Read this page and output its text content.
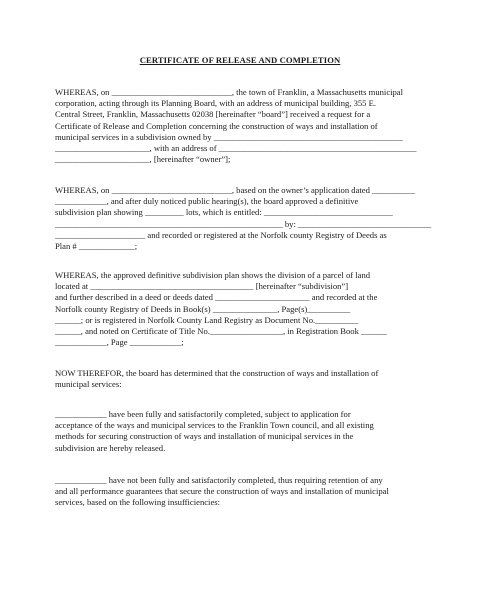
CERTIFICATE OF RELEASE AND COMPLETION
WHEREAS, on ____________________________, the town of Franklin, a Massachusetts municipal
corporation, acting through its Planning Board, with an address of municipal building, 355 E.
Central Street, Franklin, Massachusetts 02038 [hereinafter “board”] received a request for a
Certificate of Release and Completion concerning the construction of ways and installation of
municipal services in a subdivision owned by ____________________________________________
______________________, with an address of ______________________________________________
______________________, [hereinafter “owner”];
WHEREAS, on ____________________________, based on the owner’s application dated __________
____________, and after duly noticed public hearing(s), the board approved a definitive
subdivision plan showing _________ lots, which is entitled: ______________________________
_____________________________________________________ by: _______________________________
_____________________ and recorded or registered at the Norfolk county Registry of Deeds as
Plan # _____________;
WHEREAS, the approved definitive subdivision plan shows the division of a parcel of land
located at ______________________________________ [hereinafter “subdivision”]
and further described in a deed or deeds dated ______________________ and recorded at the
Norfolk county Registry of Deeds in Book(s) _______________, Page(s)__________
______; or is registered in Norfolk County Land Registry as Document No.__________
______, and noted on Certificate of Title No._________________, in Registration Book ______
____________, Page ____________;
NOW THEREFOR, the board has determined that the construction of ways and installation of
municipal services:
____________ have been fully and satisfactorily completed, subject to application for
acceptance of the ways and municipal services to the Franklin Town council, and all existing
methods for securing construction of ways and installation of municipal services in the
subdivision are hereby released.
____________ have not been fully and satisfactorily completed, thus requiring retention of any
and all performance guarantees that secure the construction of ways and installation of municipal
services, based on the following insufficiencies:
